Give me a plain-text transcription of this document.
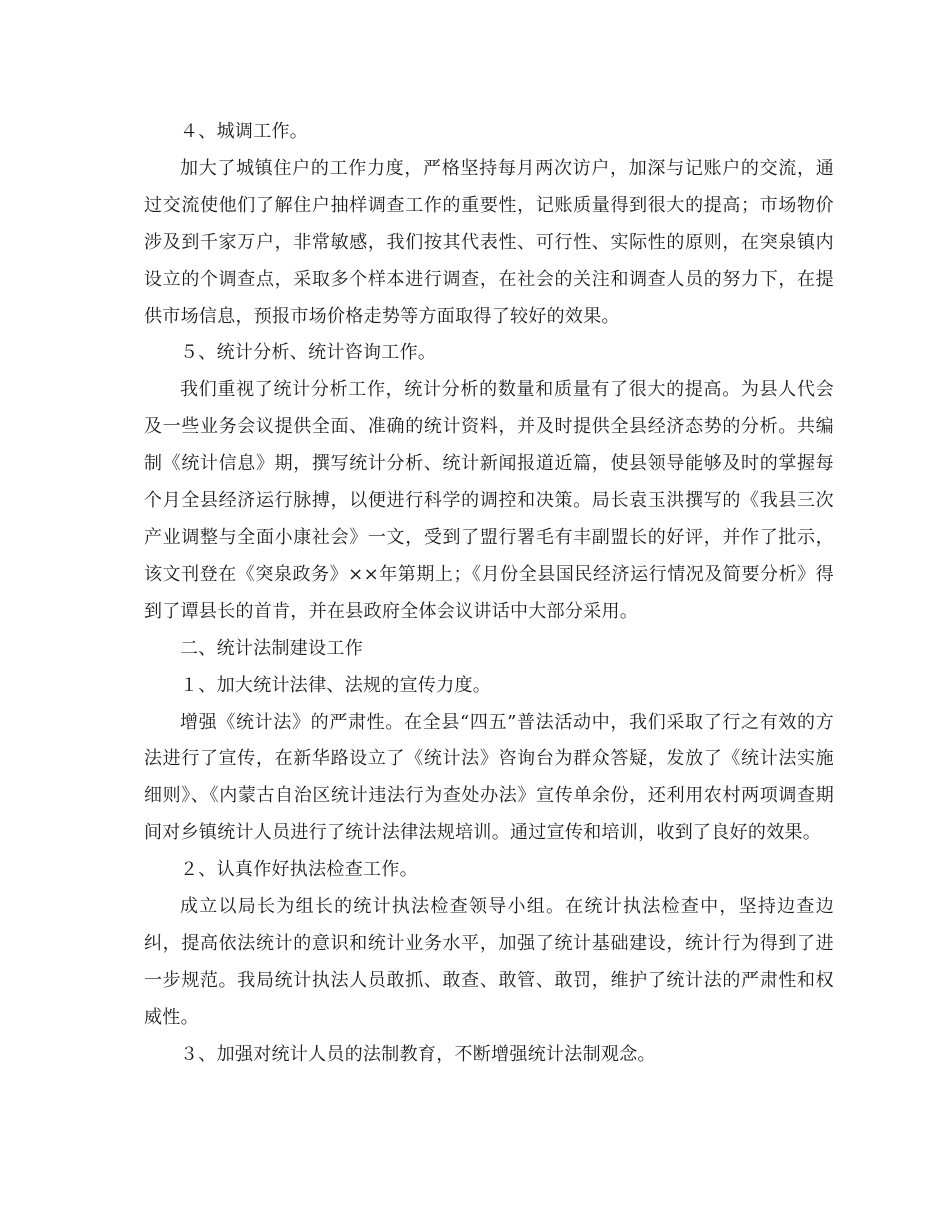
４、城调工作。

加大了城镇住户的工作力度，严格坚持每月两次访户，加深与记账户的交流，通过交流使他们了解住户抽样调查工作的重要性，记账质量得到很大的提高；市场物价涉及到千家万户，非常敏感，我们按其代表性、可行性、实际性的原则，在突泉镇内设立的个调查点，采取多个样本进行调查，在社会的关注和调查人员的努力下，在提供市场信息，预报市场价格走势等方面取得了较好的效果。

５、统计分析、统计咨询工作。

我们重视了统计分析工作，统计分析的数量和质量有了很大的提高。为县人代会及一些业务会议提供全面、准确的统计资料，并及时提供全县经济态势的分析。共编制《统计信息》期，撰写统计分析、统计新闻报道近篇，使县领导能够及时的掌握每个月全县经济运行脉搏，以便进行科学的调控和决策。局长袁玉洪撰写的《我县三次产业调整与全面小康社会》一文，受到了盟行署毛有丰副盟长的好评，并作了批示，该文刊登在《突泉政务》××年第期上；《月份全县国民经济运行情况及简要分析》得到了谭县长的首肯，并在县政府全体会议讲话中大部分采用。

二、统计法制建设工作

１、加大统计法律、法规的宣传力度。

增强《统计法》的严肃性。在全县“四五”普法活动中，我们采取了行之有效的方法进行了宣传，在新华路设立了《统计法》咨询台为群众答疑，发放了《统计法实施细则》、《内蒙古自治区统计违法行为查处办法》宣传单余份，还利用农村两项调查期间对乡镇统计人员进行了统计法律法规培训。通过宣传和培训，收到了良好的效果。

２、认真作好执法检查工作。

成立以局长为组长的统计执法检查领导小组。在统计执法检查中，坚持边查边纠，提高依法统计的意识和统计业务水平，加强了统计基础建设，统计行为得到了进一步规范。我局统计执法人员敢抓、敢查、敢管、敢罚，维护了统计法的严肃性和权威性。

３、加强对统计人员的法制教育，不断增强统计法制观念。
